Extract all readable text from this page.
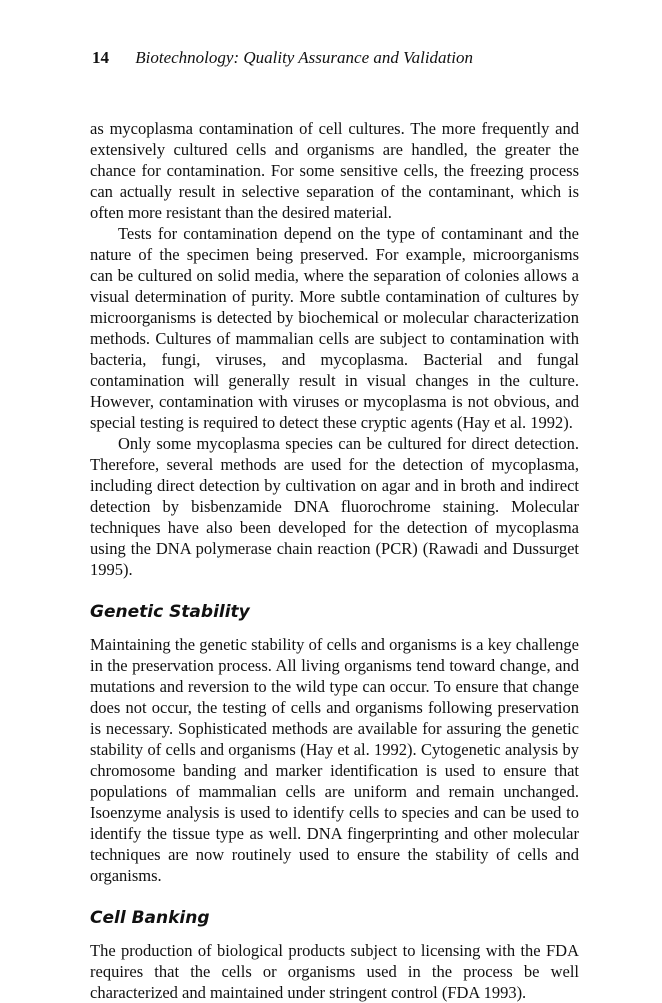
14 Biotechnology: Quality Assurance and Validation

as mycoplasma contamination of cell cultures. The more frequently and extensively cultured cells and organisms are handled, the greater the chance for contamination. For some sensitive cells, the freezing process can actually result in selective separation of the contaminant, which is often more resistant than the desired material.

Tests for contamination depend on the type of contaminant and the nature of the specimen being preserved. For example, microorganisms can be cultured on solid media, where the separation of colonies allows a visual determination of purity. More subtle contamination of cultures by microorganisms is detected by biochemical or molecular characterization methods. Cultures of mammalian cells are subject to contamination with bacteria, fungi, viruses, and mycoplasma. Bacterial and fungal contamination will generally result in visual changes in the culture. However, contamination with viruses or mycoplasma is not obvious, and special testing is required to detect these cryptic agents (Hay et al. 1992).

Only some mycoplasma species can be cultured for direct detection. Therefore, several methods are used for the detection of mycoplasma, including direct detection by cultivation on agar and in broth and indirect detection by bisbenzamide DNA fluorochrome staining. Molecular techniques have also been developed for the detection of mycoplasma using the DNA polymerase chain reaction (PCR) (Rawadi and Dussurget 1995).

Genetic Stability

Maintaining the genetic stability of cells and organisms is a key challenge in the preservation process. All living organisms tend toward change, and mutations and reversion to the wild type can occur. To ensure that change does not occur, the testing of cells and organisms following preservation is necessary. Sophisticated methods are available for assuring the genetic stability of cells and organisms (Hay et al. 1992). Cytogenetic analysis by chromosome banding and marker identification is used to ensure that populations of mammalian cells are uniform and remain unchanged. Isoenzyme analysis is used to identify cells to species and can be used to identify the tissue type as well. DNA fingerprinting and other molecular techniques are now routinely used to ensure the stability of cells and organisms.

Cell Banking

The production of biological products subject to licensing with the FDA requires that the cells or organisms used in the process be well characterized and maintained under stringent control (FDA 1993).
